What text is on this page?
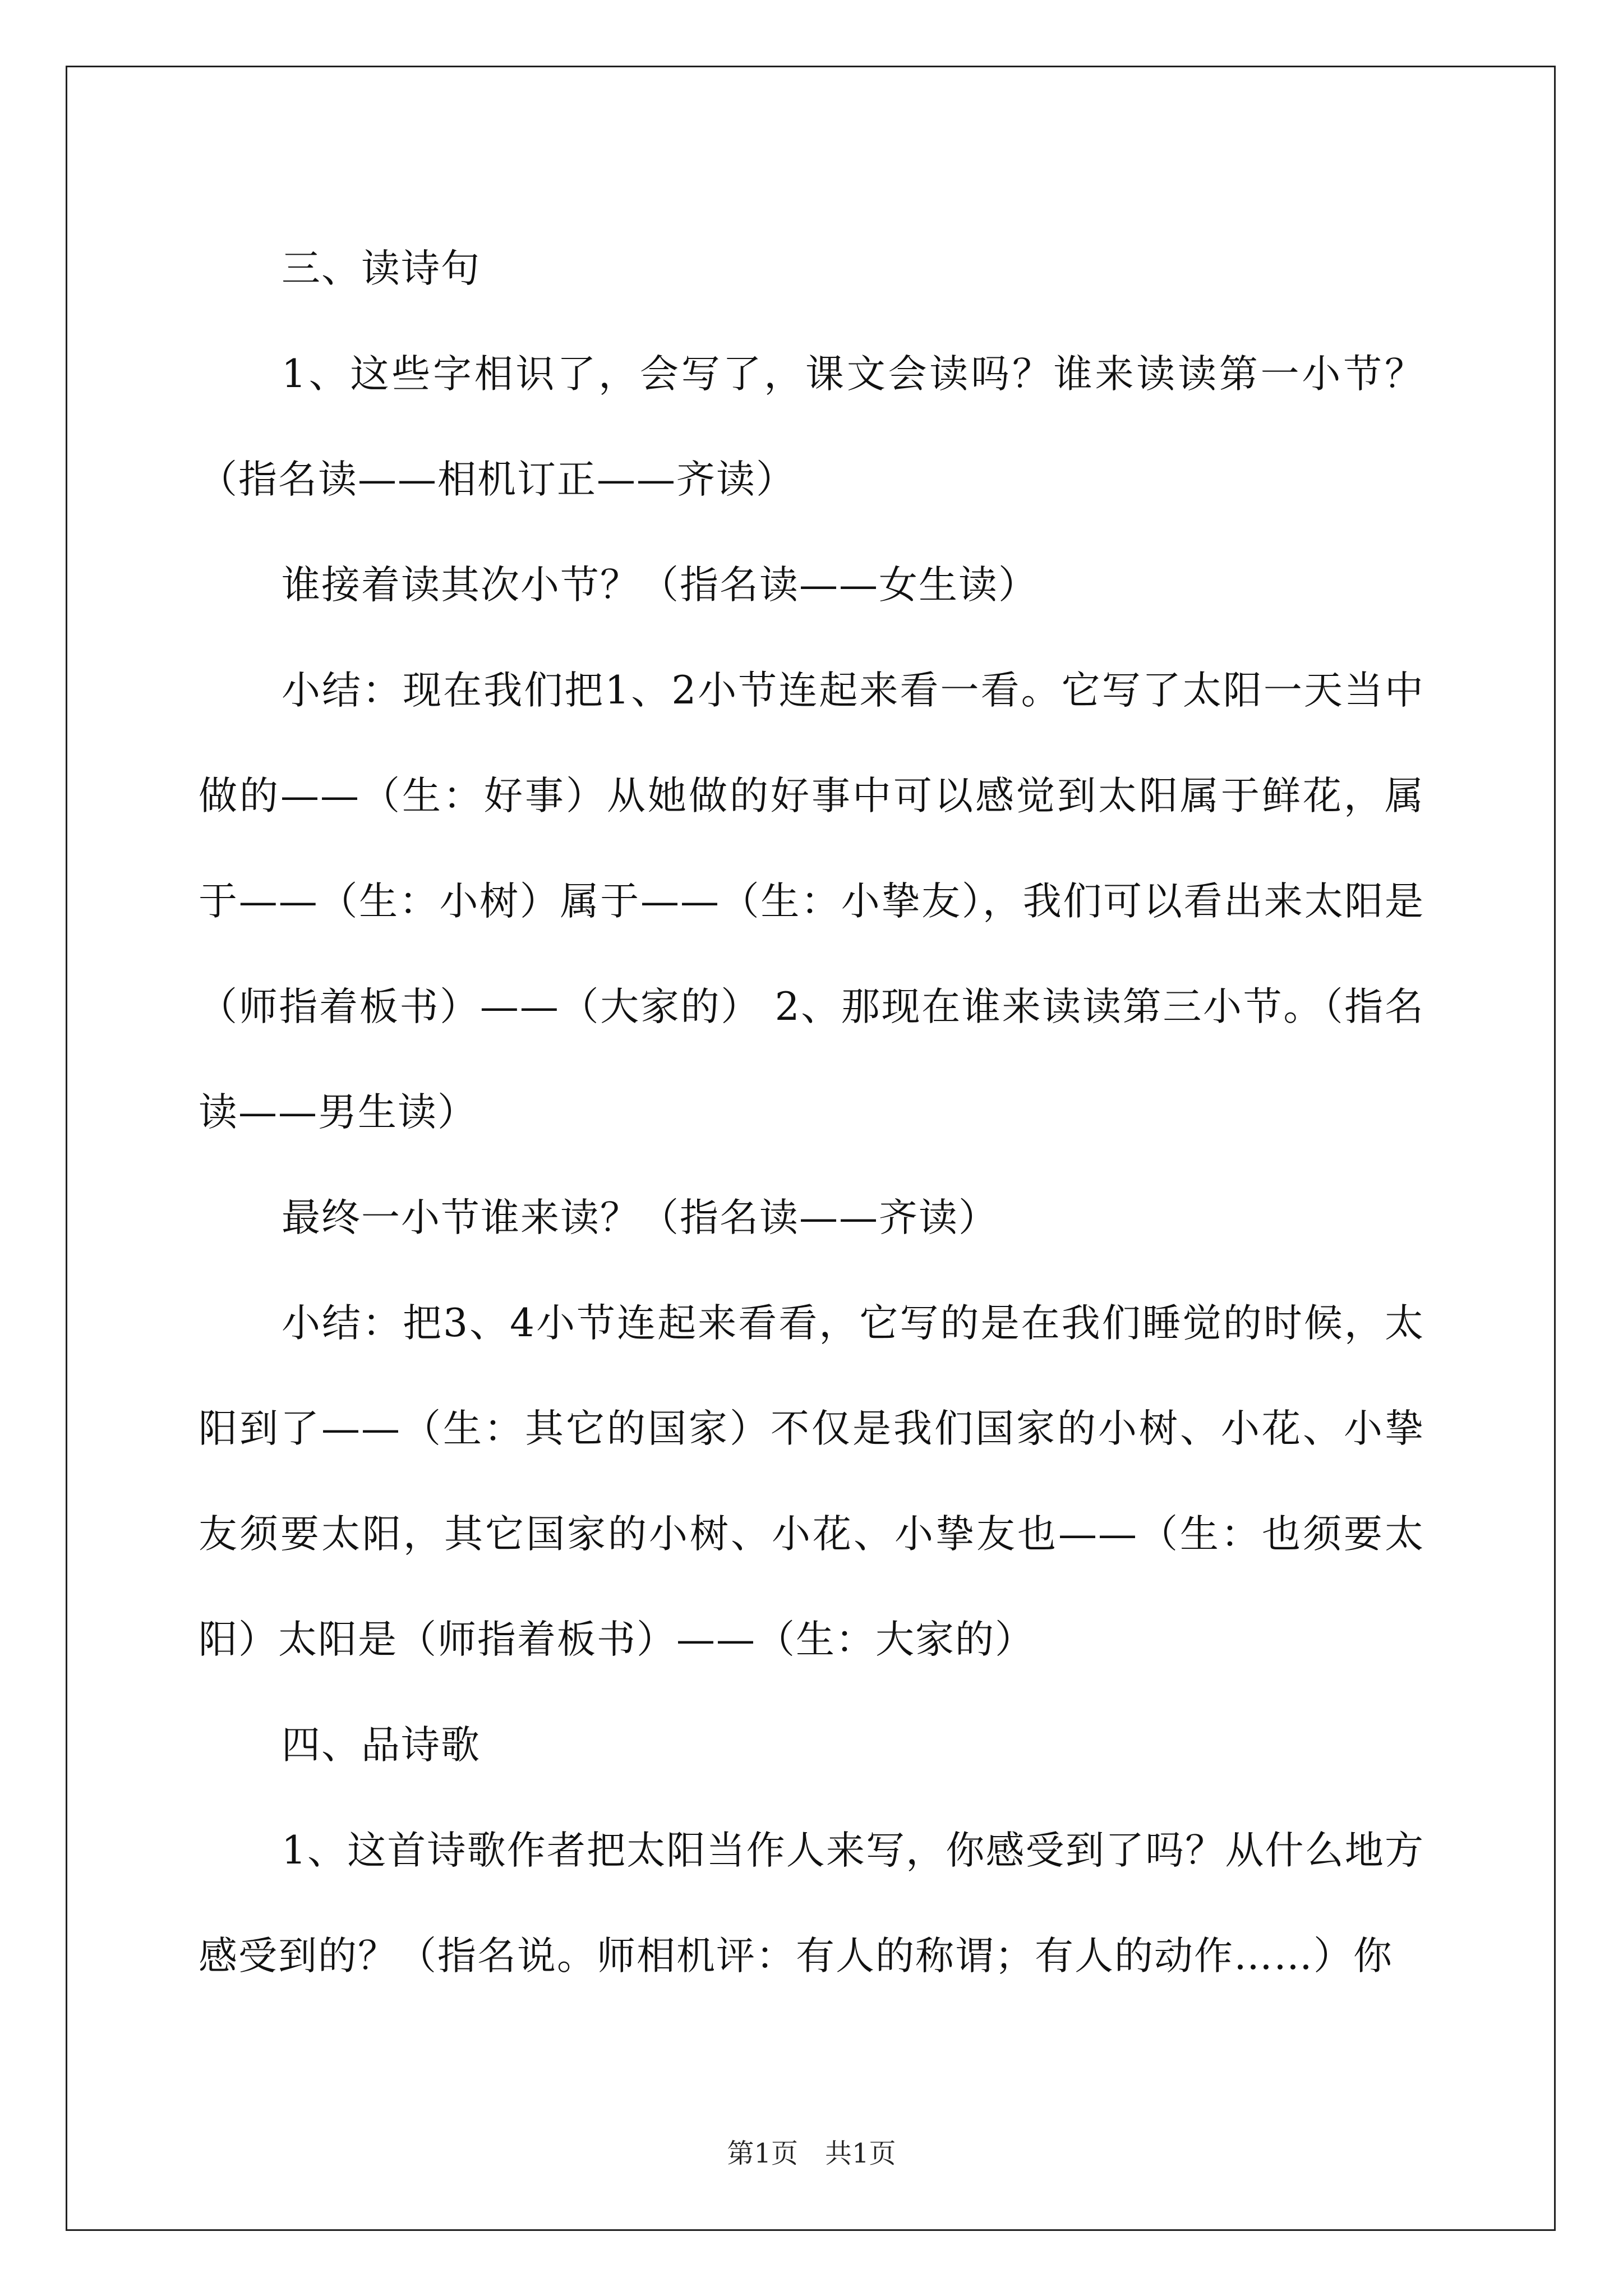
三、读诗句

1、这些字相识了，会写了，课文会读吗？谁来读读第一小节？（指名读——相机订正——齐读）

谁接着读其次小节？（指名读——女生读）

小结：现在我们把1、2小节连起来看一看。它写了太阳一天当中做的——（生：好事）从她做的好事中可以感觉到太阳属于鲜花，属于——（生：小树）属于——（生：小挚友），我们可以看出来太阳是（师指着板书）——（大家的） 2、那现在谁来读读第三小节。（指名读——男生读）

最终一小节谁来读？（指名读——齐读）

小结：把3、4小节连起来看看，它写的是在我们睡觉的时候，太阳到了——（生：其它的国家）不仅是我们国家的小树、小花、小挚友须要太阳，其它国家的小树、小花、小挚友也——（生：也须要太阳）太阳是（师指着板书）——（生：大家的）

四、品诗歌

1、这首诗歌作者把太阳当作人来写，你感受到了吗？从什么地方感受到的？（指名说。师相机评：有人的称谓；有人的动作……）你

第1页　共1页
